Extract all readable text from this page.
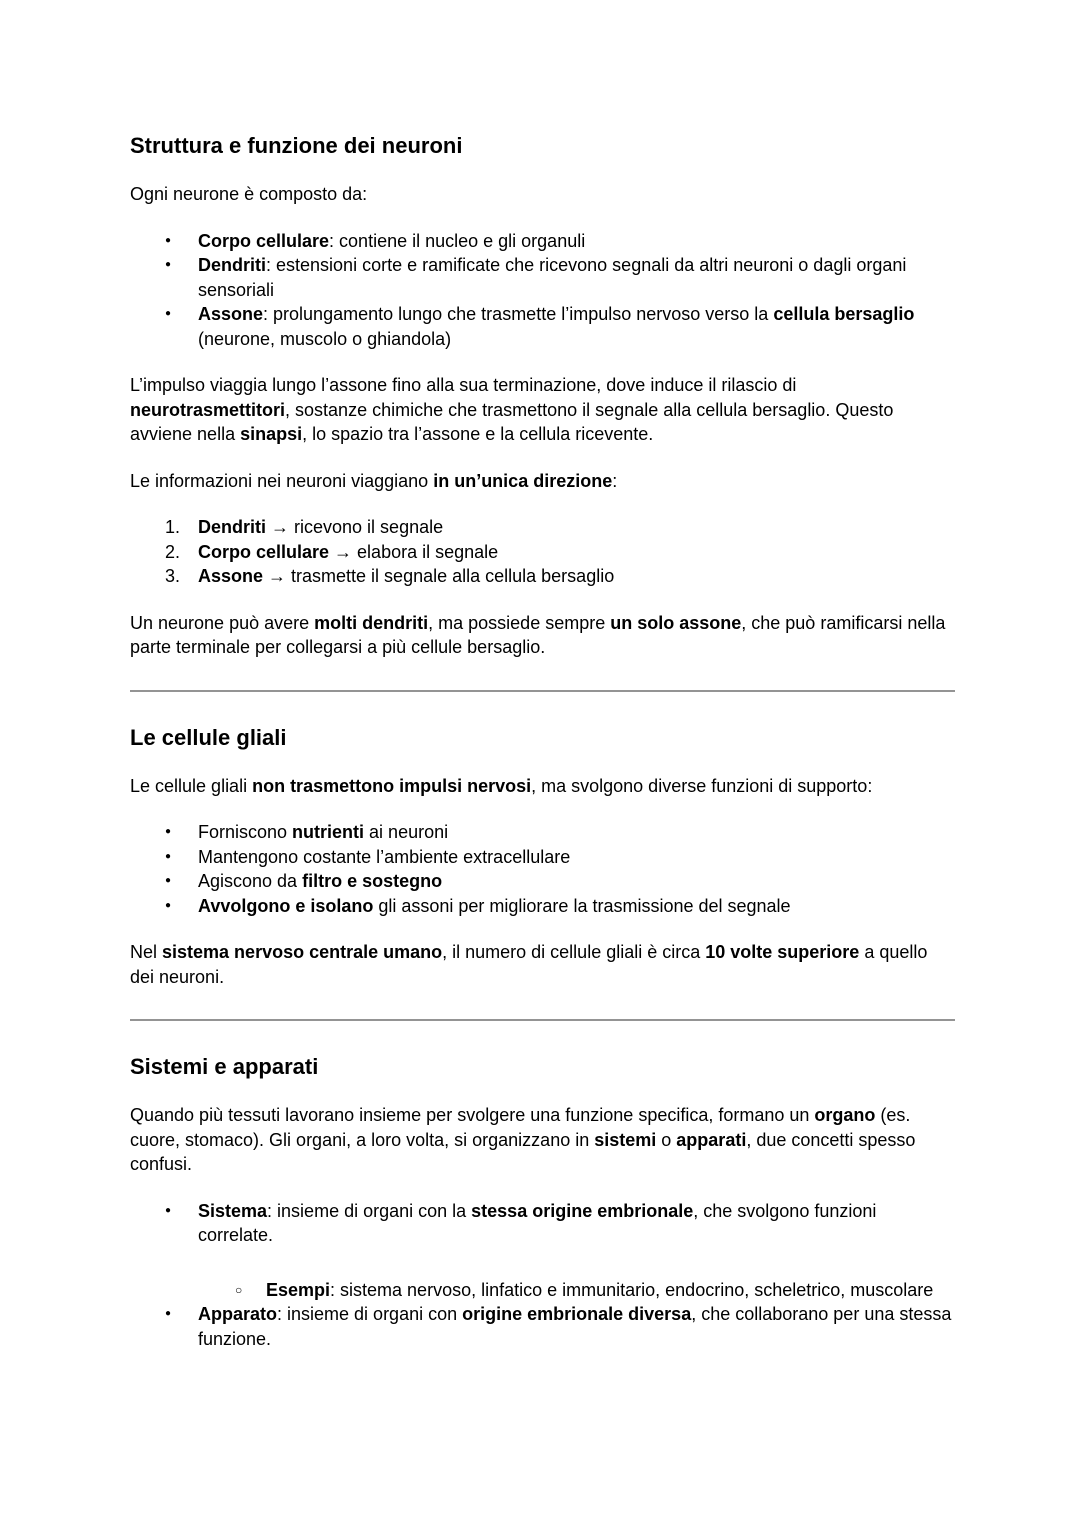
Struttura e funzione dei neuroni
Ogni neurone è composto da:
●	Corpo cellulare: contiene il nucleo e gli organuli
●	Dendriti: estensioni corte e ramificate che ricevono segnali da altri neuroni o dagli organi sensoriali
●	Assone: prolungamento lungo che trasmette l’impulso nervoso verso la cellula bersaglio (neurone, muscolo o ghiandola)
L’impulso viaggia lungo l’assone fino alla sua terminazione, dove induce il rilascio di neurotrasmettitori, sostanze chimiche che trasmettono il segnale alla cellula bersaglio. Questo avviene nella sinapsi, lo spazio tra l’assone e la cellula ricevente.
Le informazioni nei neuroni viaggiano in un’unica direzione:
1. Dendriti → ricevono il segnale
2. Corpo cellulare → elabora il segnale
3. Assone → trasmette il segnale alla cellula bersaglio
Un neurone può avere molti dendriti, ma possiede sempre un solo assone, che può ramificarsi nella parte terminale per collegarsi a più cellule bersaglio.
Le cellule gliali
Le cellule gliali non trasmettono impulsi nervosi, ma svolgono diverse funzioni di supporto:
●	Forniscono nutrienti ai neuroni
●	Mantengono costante l’ambiente extracellulare
●	Agiscono da filtro e sostegno
●	Avvolgono e isolano gli assoni per migliorare la trasmissione del segnale
Nel sistema nervoso centrale umano, il numero di cellule gliali è circa 10 volte superiore a quello dei neuroni.
Sistemi e apparati
Quando più tessuti lavorano insieme per svolgere una funzione specifica, formano un organo (es. cuore, stomaco). Gli organi, a loro volta, si organizzano in sistemi o apparati, due concetti spesso confusi.
●	Sistema: insieme di organi con la stessa origine embrionale, che svolgono funzioni correlate.
○	Esempi: sistema nervoso, linfatico e immunitario, endocrino, scheletrico, muscolare
●	Apparato: insieme di organi con origine embrionale diversa, che collaborano per una stessa funzione.
